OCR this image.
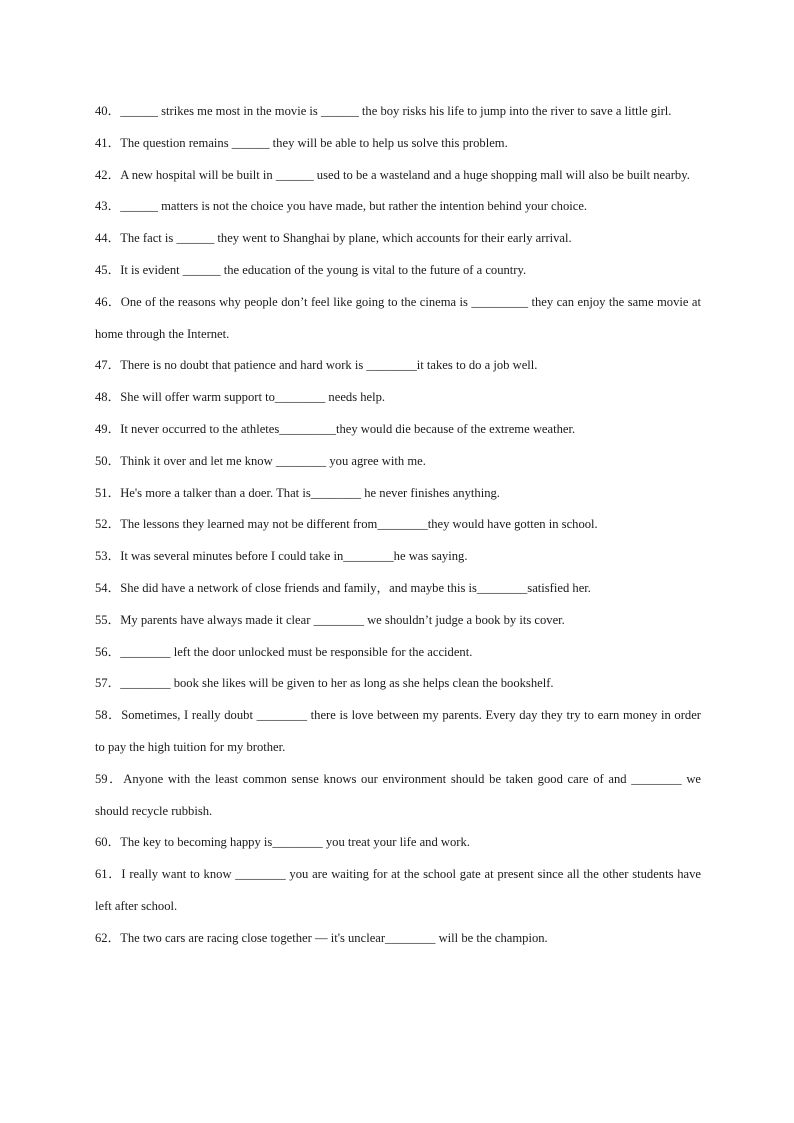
40．______ strikes me most in the movie is ______ the boy risks his life to jump into the river to save a little girl.
41．The question remains ______ they will be able to help us solve this problem.
42．A new hospital will be built in ______ used to be a wasteland and a huge shopping mall will also be built nearby.
43．______ matters is not the choice you have made, but rather the intention behind your choice.
44．The fact is ______ they went to Shanghai by plane, which accounts for their early arrival.
45．It is evident ______ the education of the young is vital to the future of a country.
46．One of the reasons why people don’t feel like going to the cinema is _________ they can enjoy the same movie at home through the Internet.
47．There is no doubt that patience and hard work is ________it takes to do a job well.
48．She will offer warm support to________ needs help.
49．It never occurred to the athletes_________they would die because of the extreme weather.
50．Think it over and let me know ________ you agree with me.
51．He's more a talker than a doer. That is________ he never finishes anything.
52．The lessons they learned may not be different from________they would have gotten in school.
53．It was several minutes before I could take in________he was saying.
54．She did have a network of close friends and family，and maybe this is________satisfied her.
55．My parents have always made it clear ________ we shouldn’t judge a book by its cover.
56．________ left the door unlocked must be responsible for the accident.
57．________ book she likes will be given to her as long as she helps clean the bookshelf.
58．Sometimes, I really doubt ________ there is love between my parents. Every day they try to earn money in order to pay the high tuition for my brother.
59．Anyone with the least common sense knows our environment should be taken good care of and ________ we should recycle rubbish.
60．The key to becoming happy is________ you treat your life and work.
61．I really want to know ________ you are waiting for at the school gate at present since all the other students have left after school.
62．The two cars are racing close together — it's unclear________ will be the champion.
